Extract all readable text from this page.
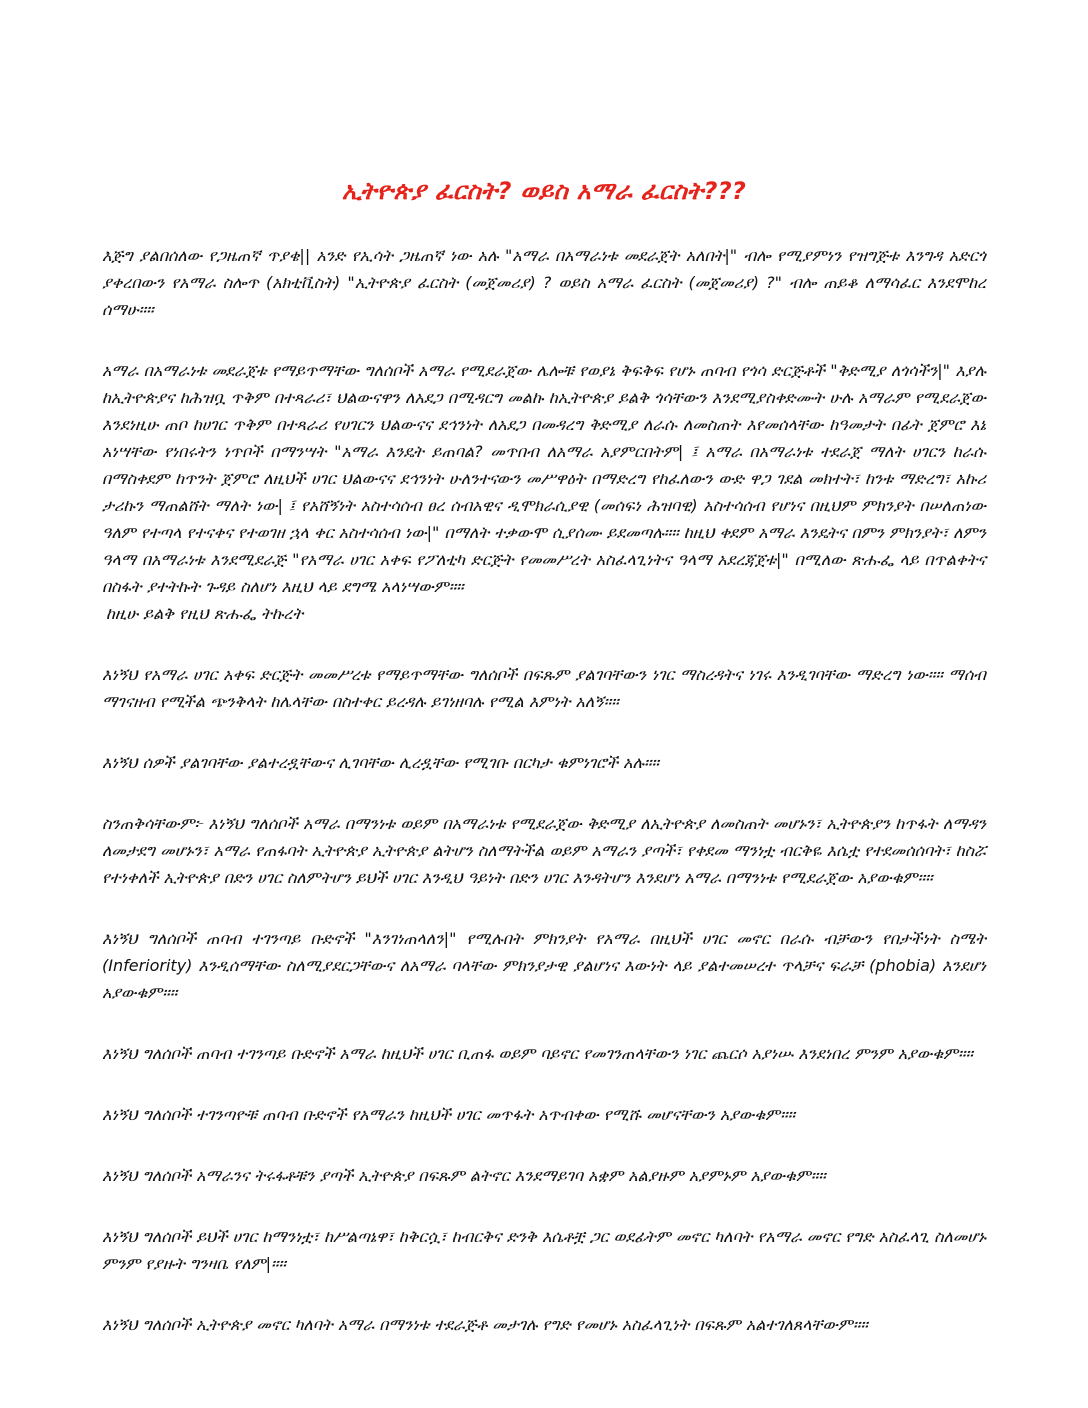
ኢትዮጵያ ፈርስት? ወይስ አማራ ፈርስት???

እጅግ ያልበሰለው የጋዜጠኛ ጥያቄ|| አንድ የኢሳት ጋዜጠኛ ነው አሉ "አማራ በአማራነቱ መደራጀት አለበት|" ብሎ የሚያምነን የዝግጅቱ እንግዳ አድርጎ ያቀረበውን የአማራ ስሎጥ (አክቲቪስት) "ኢትዮጵያ ፈርስት (መጀመሪያ) ? ወይስ አማራ ፈርስት (መጀመሪያ) ?" ብሎ ጠይቆ ለማሳፈር እንደሞከረ ሰማሁ።።

አማራ በአማራነቱ መደራጀቱ የማይጥማቸው ግለሰቦች አማራ የሚደራጀው ሌሎቹ የወያኔ ቅፍቅፍ የሆኑ ጠባብ የጎሳ ድርጅቶች "ቅድሚያ ለጎሳችን|" እያሉ ከኢትዮጵያና ከሕዝቧ ጥቅም በተጻራሪ፣ ህልውናዋን ለአደጋ በሚዳርግ መልኩ ከኢትዮጵያ ይልቅ ጎሳቸውን እንደሚያስቀድሙት ሁሉ አማራም የሚደራጀው እንደነዚሁ ጠቦ ከሀገር ጥቅም በተጻራሪ የሀገርን ህልውናና ደኅንነት ለአደጋ በመዳረግ ቅድሚያ ለራሱ ለመስጠት እየመሰላቸው ከዓመታት በፊት ጀምሮ እኔ አነሣቸው የነበሩትን ነጥቦች በማንሣት "አማራ እንዴት ይጠባል? መጥበብ ለአማራ አያምርበትም| ፤ አማራ በአማራነቱ ተደራጀ ማለት ሀገርን ከራሱ በማስቀደም ከጥንት ጀምሮ ለዚህች ሀገር ህልውናና ደኅንነት ሁለንተናውን መሥዋዕት በማድረግ የከፈለውን ውድ ዋጋ ገደል መክተት፣ ከንቱ ማድረግ፣ አኩሪ ታሪኩን ማጠልሸት ማለት ነው| ፤ የአሸኝነት አስተሳሰብ ፀረ ሰብአዊና ዲሞክራሲያዊ (መሰፍነ ሕዝባዊ) አስተሳሰብ የሆነና በዚህም ምክንያት በሠለጠነው ዓለም የተጣላ የተናቀና የተወገዘ ኋላ ቀር አስተሳሰብ ነው|" በማለት ተቃውሞ ሲያሰሙ ይደመጣሉ።። ከዚህ ቀደም አማራ እንዴትና በምን ምክንያት፣ ለምን ዓላማ በአማራነቱ እንደሚደራጅ "የአማራ ሀገር አቀፍ የፖለቲካ ድርጅት የመመሥረት አስፈላጊነትና ዓላማ አደረጃጀቱ|" በሚለው ጽሑፌ ላይ በጥልቀትና በስፋት ያተትኩት ጉዳይ ስለሆነ እዚህ ላይ ደግሜ አላነሣውም።።

ከዚሁ ይልቅ የዚህ ጽሑፌ ትኩረት

እነኝህ የአማራ ሀገር አቀፍ ድርጅት መመሥረቱ የማይጥማቸው ግለሰቦች በፍጹም ያልገባቸውን ነገር ማስረዳትና ነገሩ እንዲገባቸው ማድረግ ነው።። ማሰብ ማገናዘብ የሚችል ጭንቅላት ከሌላቸው በስተቀር ይረዳሉ ይገነዘባሉ የሚል እምነት አለኝ።።

እነኝህ ሰዎች ያልገባቸው ያልተረዷቸውና ሊገባቸው ሊረዷቸው የሚገቡ በርካታ ቁምነገሮች አሉ።።

ስንጠቅሳቸውም፦ እነኝህ ግለሰቦች አማራ በማንነቱ ወይም በአማራነቱ የሚደራጀው ቅድሚያ ለኢትዮጵያ ለመስጠት መሆኑን፣ ኢትዮጵያን ከጥፋት ለማዳን ለመታደግ መሆኑን፣ አማራ የጠፋባት ኢትዮጵያ ኢትዮጵያ ልትሆን ስለማትችል ወይም አማራን ያጣች፣ የቀደመ ማንነቷ ብርቅዬ እሴቷ የተደመሰሰባት፣ ከስሯ የተነቀለች ኢትዮጵያ በድን ሀገር ስለምትሆን ይህች ሀገር እንዲህ ዓይነት በድን ሀገር እንዳትሆን እንደሆነ አማራ በማንነቱ የሚደራጀው አያውቁም።።

እነኝህ ግለሰቦች ጠባብ ተገንጣይ ቡድኖች "እንገነጠላለን|" የሚሉበት ምክንያት የአማራ በዚህች ሀገር መኖር በራሱ ብቻውን የበታችነት ስሜት (Inferiority) እንዲሰማቸው ስለሚያደርጋቸውና ለአማራ ባላቸው ምክንያታዊ ያልሆነና እውነት ላይ ያልተመሠረተ ጥላቻና ፍራቻ (phobia) እንደሆነ አያውቁም።።

እነኝህ ግለሰቦች ጠባብ ተገንጣይ ቡድኖች አማራ ከዚህች ሀገር ቢጠፋ ወይም ባይኖር የመገንጠላቸውን ነገር ጨርሶ አያነሡ እንደነበረ ምንም አያውቁም።።

እነኝህ ግለሰቦች ተገንጣዮቹ ጠባብ ቡድኖች የአማራን ከዚህች ሀገር መጥፋት አጥብቀው የሚሹ መሆናቸውን አያውቁም።።

እነኝህ ግለሰቦች አማራንና ትሩፋቶቹን ያጣች ኢትዮጵያ በፍጹም ልትኖር እንደማይገባ አቋም አልያዙም አያምኑም አያውቁም።።

እነኝህ ግለሰቦች ይህች ሀገር ከማንነቷ፣ ከሥልጣኔዋ፣ ከቅርሷ፣ ከብርቅና ድንቅ እሴቶቿ ጋር ወደፊትም መኖር ካለባት የአማራ መኖር የግድ አስፈላጊ ስለመሆኑ ምንም የያዙት ግንዛቤ የለም|።።

እነኝህ ግለሰቦች ኢትዮጵያ መኖር ካለባት አማራ በማንነቱ ተደራጅቶ መታገሉ የግድ የመሆኑ አስፈላጊነት በፍጹም አልተገለጸላቸውም።።
